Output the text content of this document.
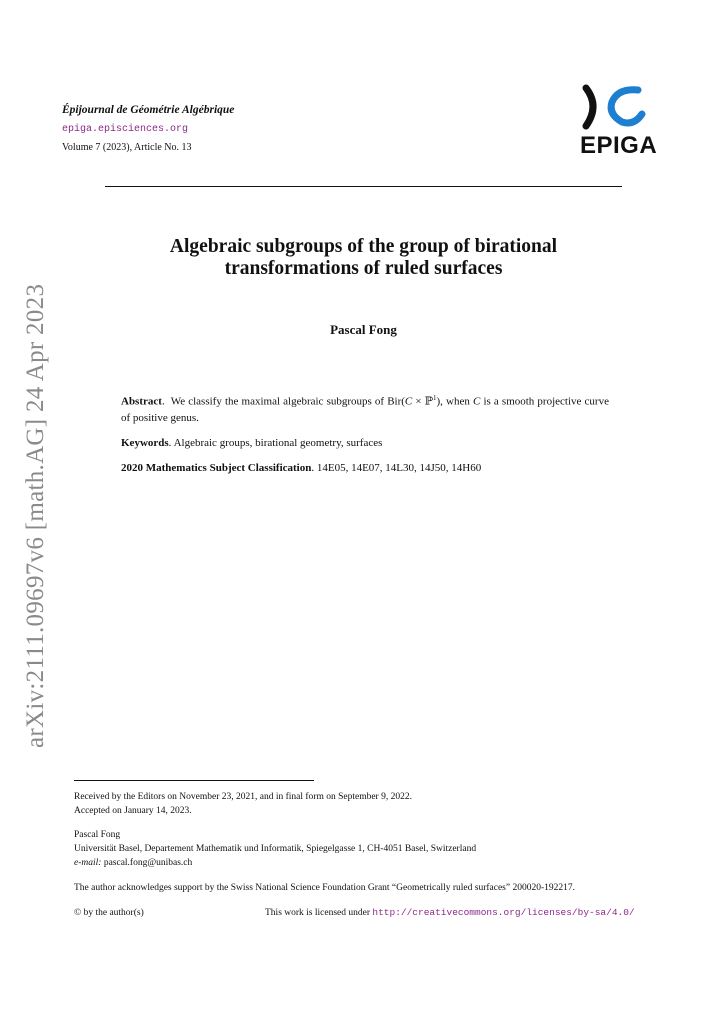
Épijournal de Géométrie Algébrique
epiga.episciences.org
Volume 7 (2023), Article No. 13	EPIGA
Algebraic subgroups of the group of birational
transformations of ruled surfaces
Pascal Fong
Abstract.  We classify the maximal algebraic subgroups of Bir(C × ℙ$^1$), when C is a smooth projective curve of positive genus.
Keywords. Algebraic groups, birational geometry, surfaces
2020 Mathematics Subject Classification. 14E05, 14E07, 14L30, 14J50, 14H60
arXiv:2111.09697v6 [math.AG] 24 Apr 2023
Received by the Editors on November 23, 2021, and in final form on September 9, 2022.
Accepted on January 14, 2023.
Pascal Fong
Universität Basel, Departement Mathematik und Informatik, Spiegelgasse 1, CH-4051 Basel, Switzerland
e-mail: pascal.fong@unibas.ch
The author acknowledges support by the Swiss National Science Foundation Grant “Geometrically ruled surfaces” 200020-192217.
© by the author(s)	This work is licensed under http://creativecommons.org/licenses/by-sa/4.0/
